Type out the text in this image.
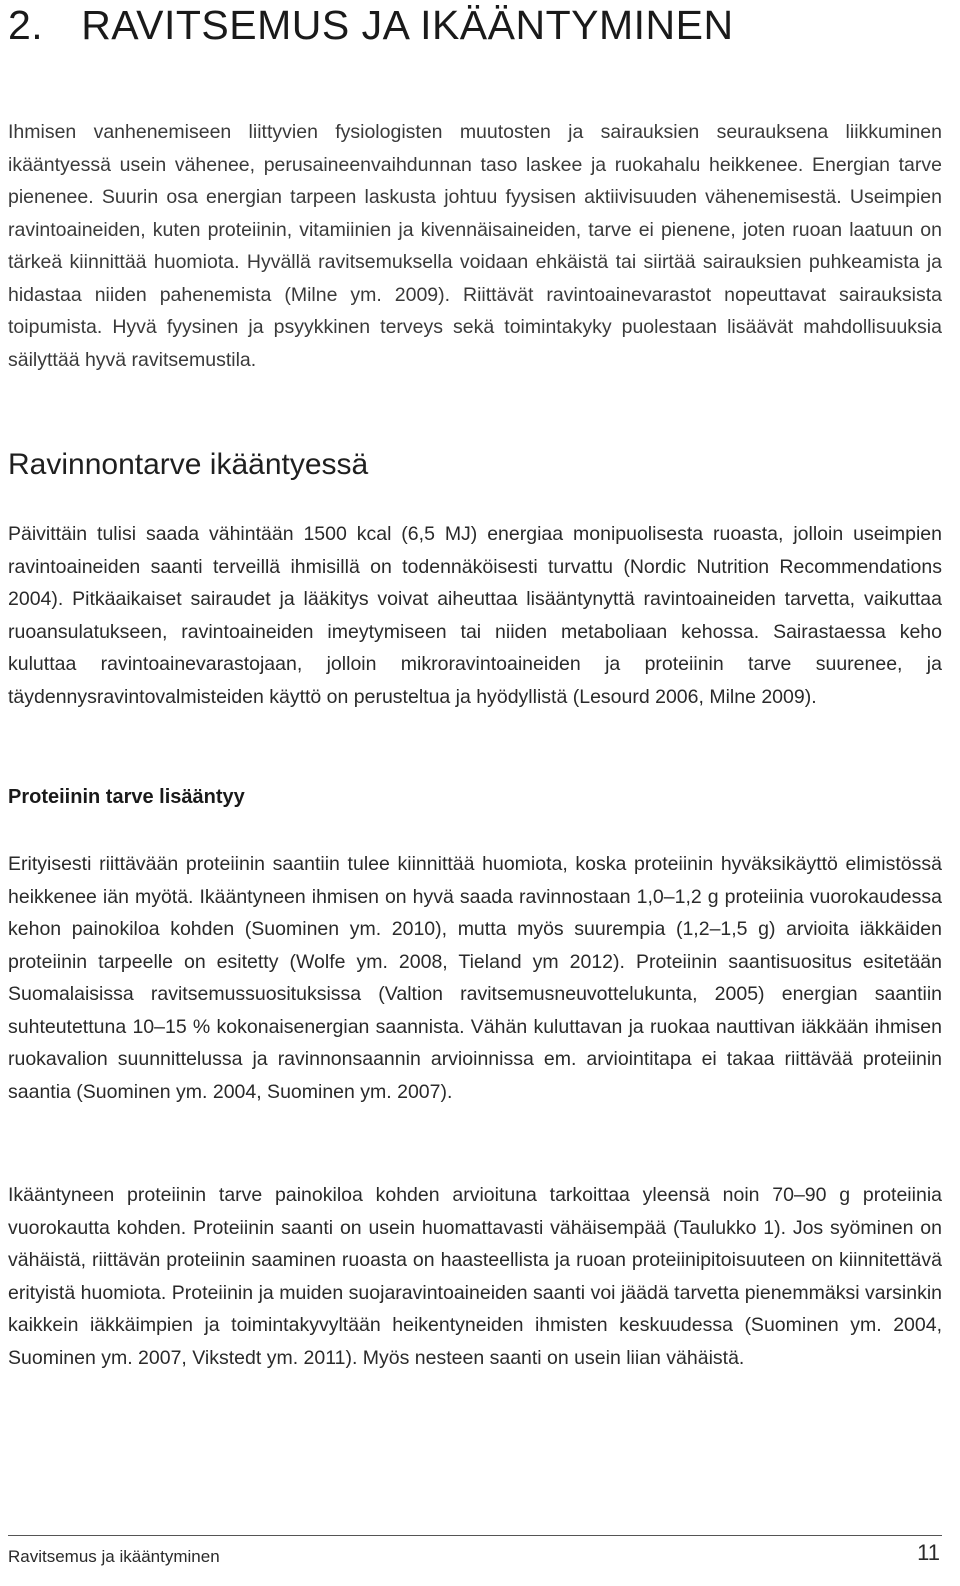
2. RAVITSEMUS JA IKÄÄNTYMINEN

Ihmisen vanhenemiseen liittyvien fysiologisten muutosten ja sairauksien seurauksena liikkuminen ikääntyessä usein vähenee, perusaineenvaihdunnan taso laskee ja ruokahalu heikkenee. Energian tarve pienenee. Suurin osa energian tarpeen laskusta johtuu fyysisen aktiivisuuden vähenemisestä. Useimpien ravintoaineiden, kuten proteiinin, vitamiinien ja kivennäisaineiden, tarve ei pienene, joten ruoan laatuun on tärkeä kiinnittää huomiota. Hyvällä ravitsemuksella voidaan ehkäistä tai siirtää sairauksien puhkeamista ja hidastaa niiden pahenemista (Milne ym. 2009). Riittävät ravintoainevarastot nopeuttavat sairauksista toipumista. Hyvä fyysinen ja psyykkinen terveys sekä toimintakyky puolestaan lisäävät mahdollisuuksia säilyttää hyvä ravitsemustila.

Ravinnontarve ikääntyessä

Päivittäin tulisi saada vähintään 1500 kcal (6,5 MJ) energiaa monipuolisesta ruoasta, jolloin useimpien ravintoaineiden saanti terveillä ihmisillä on todennäköisesti turvattu (Nordic Nutrition Recommendations 2004). Pitkäaikaiset sairaudet ja lääkitys voivat aiheuttaa lisääntynyttä ravintoaineiden tarvetta, vaikuttaa ruoansulatukseen, ravintoaineiden imeytymiseen tai niiden metaboliaan kehossa. Sairastaessa keho kuluttaa ravintoainevarastojaan, jolloin mikroravintoaineiden ja proteiinin tarve suurenee, ja täydennysravintovalmisteiden käyttö on perusteltua ja hyödyllistä (Lesourd 2006, Milne 2009).

Proteiinin tarve lisääntyy

Erityisesti riittävään proteiinin saantiin tulee kiinnittää huomiota, koska proteiinin hyväksikäyttö elimistössä heikkenee iän myötä. Ikääntyneen ihmisen on hyvä saada ravinnostaan 1,0–1,2 g proteiinia vuorokaudessa kehon painokiloa kohden (Suominen ym. 2010), mutta myös suurempia (1,2–1,5 g) arvioita iäkkäiden proteiinin tarpeelle on esitetty (Wolfe ym. 2008, Tieland ym 2012). Proteiinin saantisuositus esitetään Suomalaisissa ravitsemussuosituksissa (Valtion ravitsemusneuvottelukunta, 2005) energian saantiin suhteutettuna 10–15 % kokonaisenergian saannista. Vähän kuluttavan ja ruokaa nauttivan iäkkään ihmisen ruokavalion suunnittelussa ja ravinnonsaannin arvioinnissa em. arviointitapa ei takaa riittävää proteiinin saantia (Suominen ym. 2004, Suominen ym. 2007).

Ikääntyneen proteiinin tarve painokiloa kohden arvioituna tarkoittaa yleensä noin 70–90 g proteiinia vuorokautta kohden. Proteiinin saanti on usein huomattavasti vähäisempää (Taulukko 1). Jos syöminen on vähäistä, riittävän proteiinin saaminen ruoasta on haasteellista ja ruoan proteiinipitoisuuteen on kiinnitettävä erityistä huomiota. Proteiinin ja muiden suojaravintoaineiden saanti voi jäädä tarvetta pienemmäksi varsinkin kaikkein iäkkäimpien ja toimintakyvyltään heikentyneiden ihmisten keskuudessa (Suominen ym. 2004, Suominen ym. 2007, Vikstedt ym. 2011). Myös nesteen saanti on usein liian vähäistä.

Ravitsemus ja ikääntyminen	11
